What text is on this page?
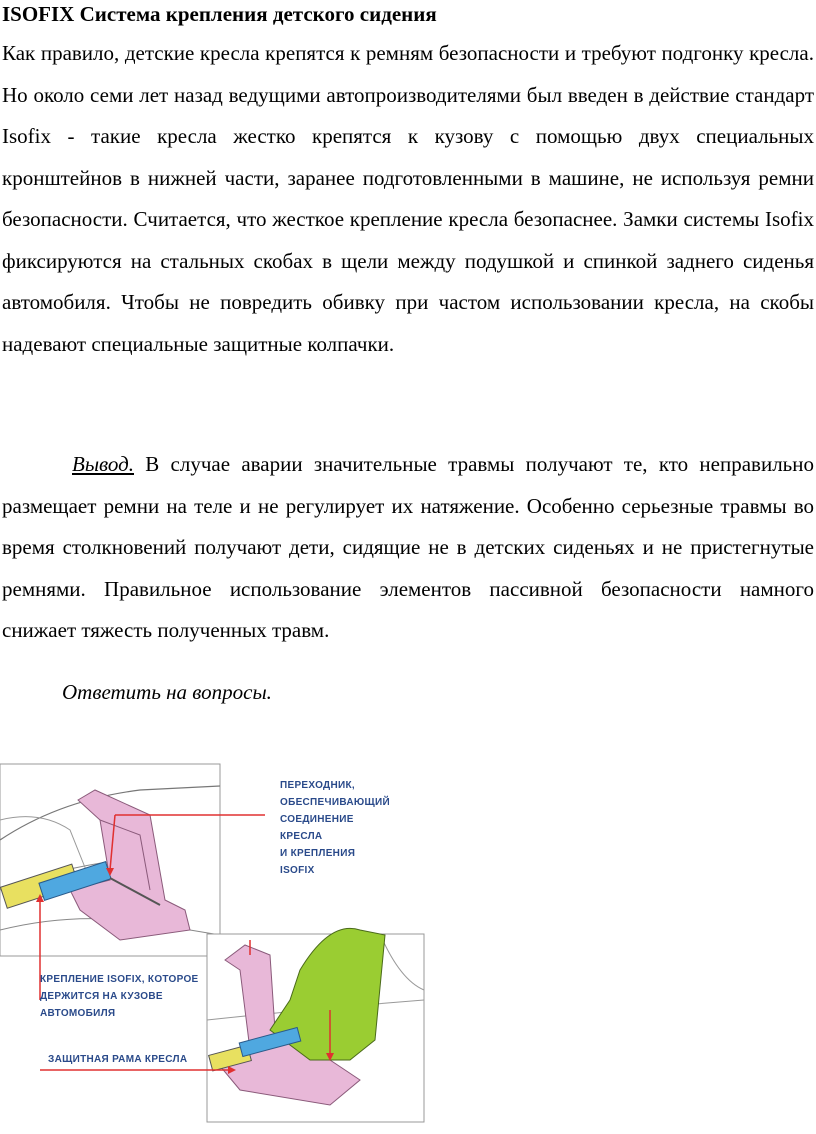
ISOFIX Система крепления детского сидения

Как правило, детские кресла крепятся к ремням безопасности и требуют подгонку кресла. Но около семи лет назад ведущими автопроизводителями был введен в действие стандарт Isofix - такие кресла жестко крепятся к кузову с помощью двух специальных кронштейнов в нижней части, заранее подготовленными в машине, не используя ремни безопасности. Считается, что жесткое крепление кресла безопаснее. Замки системы Isofix фиксируются на стальных скобах в щели между подушкой и спинкой заднего сиденья автомобиля. Чтобы не повредить обивку при частом использовании кресла, на скобы надевают специальные защитные колпачки.

Вывод. В случае аварии значительные травмы получают те, кто неправильно размещает ремни на теле и не регулирует их натяжение. Особенно серьезные травмы во время столкновений получают дети, сидящие не в детских сиденьях и не пристегнутые ремнями. Правильное использование элементов пассивной безопасности намного снижает тяжесть полученных травм.

Ответить на вопросы.
ПЕРЕХОДНИК, ОБЕСПЕЧИВАЮЩИЙ СОЕДИНЕНИЕ КРЕСЛА И КРЕПЛЕНИЯ ISOFIX
КРЕПЛЕНИЕ ISOFIX, КОТОРОЕ ДЕРЖИТСЯ НА КУЗОВЕ АВТОМОБИЛЯ
ЗАЩИТНАЯ РАМА КРЕСЛА
